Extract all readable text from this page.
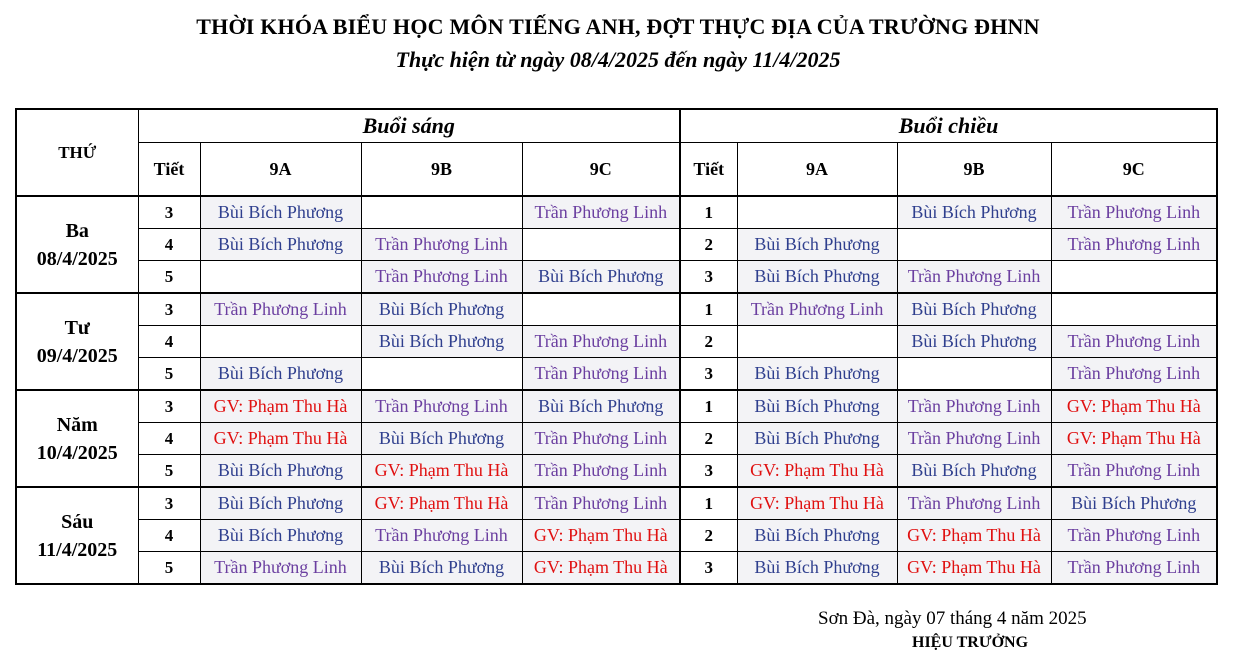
THỜI KHÓA BIỂU HỌC MÔN TIẾNG ANH, ĐỢT THỰC ĐỊA CỦA TRƯỜNG ĐHNN
Thực hiện từ ngày 08/4/2025 đến ngày 11/4/2025
THỨ	Buổi sáng				Buổi chiều			
	Tiết	9A	9B	9C	Tiết	9A	9B	9C

Ba
08/4/2025	3	Bùi Bích Phương		Trần Phương Linh	1		Bùi Bích Phương	Trần Phương Linh
	4	Bùi Bích Phương	Trần Phương Linh		2	Bùi Bích Phương		Trần Phương Linh
	5		Trần Phương Linh	Bùi Bích Phương	3	Bùi Bích Phương	Trần Phương Linh	

Tư
09/4/2025	3	Trần Phương Linh	Bùi Bích Phương		1	Trần Phương Linh	Bùi Bích Phương	
	4		Bùi Bích Phương	Trần Phương Linh	2		Bùi Bích Phương	Trần Phương Linh
	5	Bùi Bích Phương		Trần Phương Linh	3	Bùi Bích Phương		Trần Phương Linh

Năm
10/4/2025	3	GV: Phạm Thu Hà	Trần Phương Linh	Bùi Bích Phương	1	Bùi Bích Phương	Trần Phương Linh	GV: Phạm Thu Hà
	4	GV: Phạm Thu Hà	Bùi Bích Phương	Trần Phương Linh	2	Bùi Bích Phương	Trần Phương Linh	GV: Phạm Thu Hà
	5	Bùi Bích Phương	GV: Phạm Thu Hà	Trần Phương Linh	3	GV: Phạm Thu Hà	Bùi Bích Phương	Trần Phương Linh

Sáu
11/4/2025	3	Bùi Bích Phương	GV: Phạm Thu Hà	Trần Phương Linh	1	GV: Phạm Thu Hà	Trần Phương Linh	Bùi Bích Phương
	4	Bùi Bích Phương	Trần Phương Linh	GV: Phạm Thu Hà	2	Bùi Bích Phương	GV: Phạm Thu Hà	Trần Phương Linh
	5	Trần Phương Linh	Bùi Bích Phương	GV: Phạm Thu Hà	3	Bùi Bích Phương	GV: Phạm Thu Hà	Trần Phương Linh
Sơn Đà, ngày 07 tháng 4 năm 2025
HIỆU TRƯỞNG
